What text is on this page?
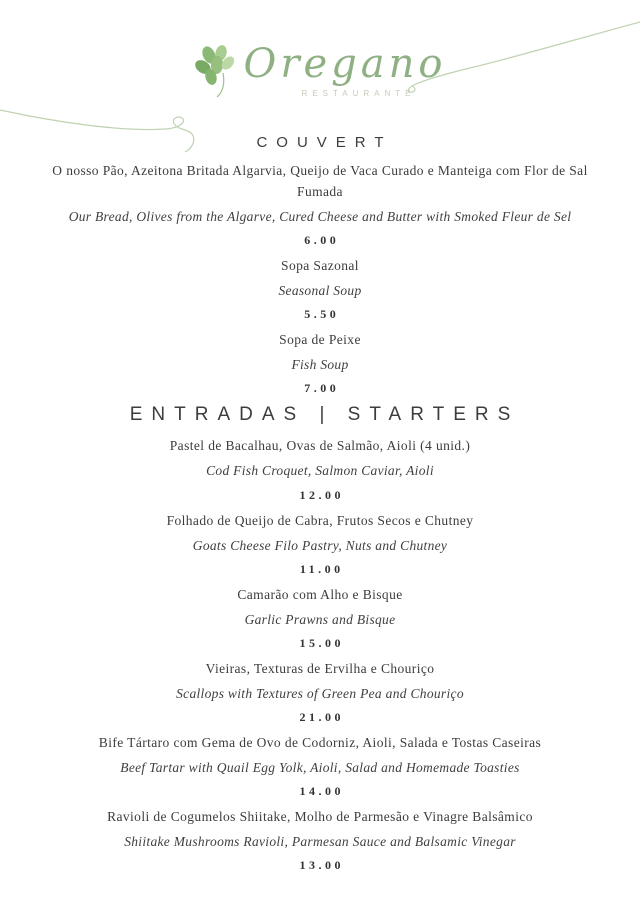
Oregano
RESTAURANTE
COUVERT
O nosso Pão, Azeitona Britada Algarvia, Queijo de Vaca Curado e Manteiga com Flor de Sal Fumada
Our Bread, Olives from the Algarve, Cured Cheese and Butter with Smoked Fleur de Sel
6.00
Sopa Sazonal
Seasonal Soup
5.50
Sopa de Peixe
Fish Soup
7.00
ENTRADAS | STARTERS
Pastel de Bacalhau, Ovas de Salmão, Aioli (4 unid.)
Cod Fish Croquet, Salmon Caviar, Aioli
12.00
Folhado de Queijo de Cabra, Frutos Secos e Chutney
Goats Cheese Filo Pastry, Nuts and Chutney
11.00
Camarão com Alho e Bisque
Garlic Prawns and Bisque
15.00
Vieiras, Texturas de Ervilha e Chouriço
Scallops with Textures of Green Pea and Chouriço
21.00
Bife Tártaro com Gema de Ovo de Codorniz, Aioli, Salada e Tostas Caseiras
Beef Tartar with Quail Egg Yolk, Aioli, Salad and Homemade Toasties
14.00
Ravioli de Cogumelos Shiitake, Molho de Parmesão e Vinagre Balsâmico
Shiitake Mushrooms Ravioli, Parmesan Sauce and Balsamic Vinegar
13.00
